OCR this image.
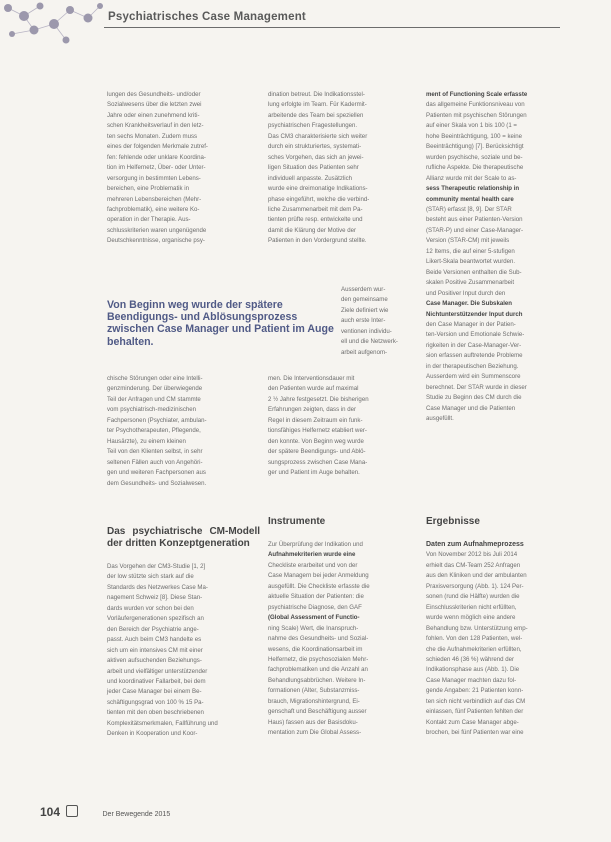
Psychiatrisches Case Management

lungen des Gesundheits- und/oder

Sozialwesens über die letzten zwei

Jahre oder einen zunehmend kriti-

schen Krankheitsverlauf in den letz-

ten sechs Monaten. Zudem muss

eines der folgenden Merkmale zutref-

fen: fehlende oder unklare Koordina-

tion im Helfernetz, Über- oder Unter-

versorgung in bestimmten Lebens-

bereichen, eine Problematik in

mehreren Lebensbereichen (Mehr-

fachproblematik), eine weitere Ko-

operation in der Therapie. Aus-

schlusskriterien waren ungenügende

Deutschkenntnisse, organische psy-

Von Beginn weg wurde der spätere Beendigungs- und Ablösungsprozess zwischen Case Manager und Patient im Auge behalten.

chische Störungen oder eine Intelli-

genzminderung. Der überwiegende

Teil der Anfragen und CM stammte

vom psychiatrisch-medizinischen

Fachpersonen (Psychiater, ambulan-

ter Psychotherapeuten, Pflegende,

Hausärzte), zu einem kleinen

Teil von den Klienten selbst, in sehr

seltenen Fällen auch von Angehöri-

gen und weiteren Fachpersonen aus

dem Gesundheits- und Sozialwesen.

Das psychiatrische CM-Modell der dritten Konzeptgeneration

Das Vorgehen der CM3-Studie [1, 2]

der low stützte sich stark auf die

Standards des Netzwerkes Case Ma-

nagement Schweiz [8]. Diese Stan-

dards wurden vor schon bei den

Vorläufergenerationen spezifisch an

den Bereich der Psychiatrie ange-

passt. Auch beim CM3 handelte es

sich um ein intensives CM mit einer

aktiven aufsuchenden Beziehungs-

arbeit und vielfältiger unterstützender

und koordinativer Fallarbeit, bei dem

jeder Case Manager bei einem Be-

schäftigungsgrad von 100 % 15 Pa-

tienten mit den oben beschriebenen

Komplexitätsmerkmalen, Fallführung und

Denken in Kooperation und Koor-

dination betreut. Die Indikationsstel-

lung erfolgte im Team. Für Kadermit-

arbeitende des Team bei speziellen

psychiatrischen Fragestellungen.

Das CM3 charakterisierte sich weiter

durch ein strukturiertes, systemati-

sches Vorgehen, das sich an jewei-

ligen Situation des Patienten sehr

individuell anpasste. Zusätzlich

wurde eine dreimonatige Indikations-

phase eingeführt, welche die verbind-

liche Zusammenarbeit mit dem Pa-

tienten prüfte resp. entwickelte und

damit die Klärung der Motive der

Patienten in den Vordergrund stellte.

Ausserdem wur-

den gemeinsame

Ziele definiert wie

auch erste Inter-

ventionen individu-

ell und die Netzwerk-

arbeit aufgenom-

men. Die Interventionsdauer mit

den Patienten wurde auf maximal

2 ½ Jahre festgesetzt. Die bisherigen

Erfahrungen zeigten, dass in der

Regel in diesem Zeitraum ein funk-

tionsfähiges Helfernetz etabliert wer-

den konnte. Von Beginn weg wurde

der spätere Beendigungs- und Ablö-

sungsprozess zwischen Case Mana-

ger und Patient im Auge behalten.

Instrumente

Zur Überprüfung der Indikation und

Aufnahmekriterien wurde eine

Checkliste erarbeitet und von der

Case Managern bei jeder Anmeldung

ausgefüllt. Die Checkliste erfasste die

aktuelle Situation der Patienten: die

psychiatrische Diagnose, den GAF

(Global Assessment of Functio-

ning Scale) Wert, die Inanspruch-

nahme des Gesundheits- und Sozial-

wesens, die Koordinationsarbeit im

Helfernetz, die psychosozialen Mehr-

fachproblematiken und die Anzahl an

Behandlungsabbrüchen. Weitere In-

formationen (Alter, Substanzmiss-

brauch, Migrationshintergrund, Ei-

genschaft und Beschäftigung ausser

Haus) fassen aus der Basisdoku-

mentation zum Die Global Assess-

ment of Functioning Scale erfasste

das allgemeine Funktionsniveau von

Patienten mit psychischen Störungen

auf einer Skala von 1 bis 100 (1 =

hohe Beeinträchtigung, 100 = keine

Beeinträchtigung) [7]. Berücksichtigt

wurden psychische, soziale und be-

rufliche Aspekte. Die therapeutische

Allianz wurde mit der Scale to as-

sess Therapeutic relationship in

community mental health care

(STAR) erfasst [8, 9]. Der STAR

besteht aus einer Patienten-Version

(STAR-P) und einer Case-Manager-

Version (STAR-CM) mit jeweils

12 Items, die auf einer 5-stufigen

Likert-Skala beantwortet wurden.

Beide Versionen enthalten die Sub-

skalen Positive Zusammenarbeit

und Positiver Input durch den

Case Manager. Die Subskalen

Nichtunterstützender Input durch

den Case Manager in der Patien-

ten-Version und Emotionale Schwie-

rigkeiten in der Case-Manager-Ver-

sion erfassen auftretende Probleme

in der therapeutischen Beziehung.

Ausserdem wird ein Summenscore

berechnet. Der STAR wurde in dieser

Studie zu Beginn des CM durch die

Case Manager und die Patienten

ausgefüllt.

Ergebnisse

Daten zum Aufnahmeprozess

Von November 2012 bis Juli 2014

erhielt das CM-Team 252 Anfragen

aus den Kliniken und der ambulanten

Praxisversorgung (Abb. 1). 124 Per-

sonen (rund die Hälfte) wurden die

Einschlusskriterien nicht erfüllten,

wurde wenn möglich eine andere

Behandlung bzw. Unterstützung emp-

fohlen. Von den 128 Patienten, wel-

che die Aufnahmekriterien erfüllten,

schieden 46 (36 %) während der

Indikationsphase aus (Abb. 1). Die

Case Manager machten dazu fol-

gende Angaben: 21 Patienten konn-

ten sich nicht verbindlich auf das CM

einlassen, fünf Patienten fehlten der

Kontakt zum Case Manager abge-

brochen, bei fünf Patienten war eine

104	Der Bewegende 2015
